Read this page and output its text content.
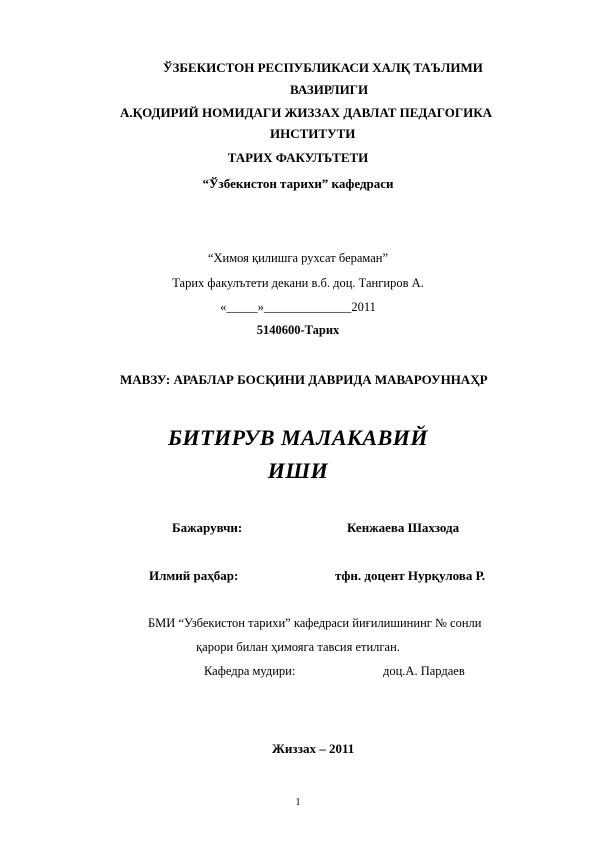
ЎЗБЕКИСТОН РЕСПУБЛИКАСИ ХАЛҚ ТАЪЛИМИ
ВАЗИРЛИГИ
А.ҚОДИРИЙ НОМИДАГИ ЖИЗЗАХ ДАВЛАТ ПЕДАГОГИКА
ИНСТИТУТИ
ТАРИХ ФАКУЛЪТЕТИ
“Ўзбекистон тарихи” кафедраси
“Химоя қилишга рухсат бераман”
Тарих факулътети декани в.б. доц. Тангиров А.
«_____»______________2011
5140600-Тарих
МАВЗУ: АРАБЛАР БОСҚИНИ ДАВРИДА МАВАРОУННАҲР
БИТИРУВ МАЛАКАВИЙ
ИШИ
Бажарувчи:	Кенжаева Шахзода
Илмий раҳбар:	тфн. доцент Нурқулова Р.
БМИ “Узбекистон тарихи” кафедраси йиғилишининг № сонли
қарори билан ҳимояга тавсия етилган.
Кафедра мудири:	доц.А. Пардаев
Жиззах – 2011
1
